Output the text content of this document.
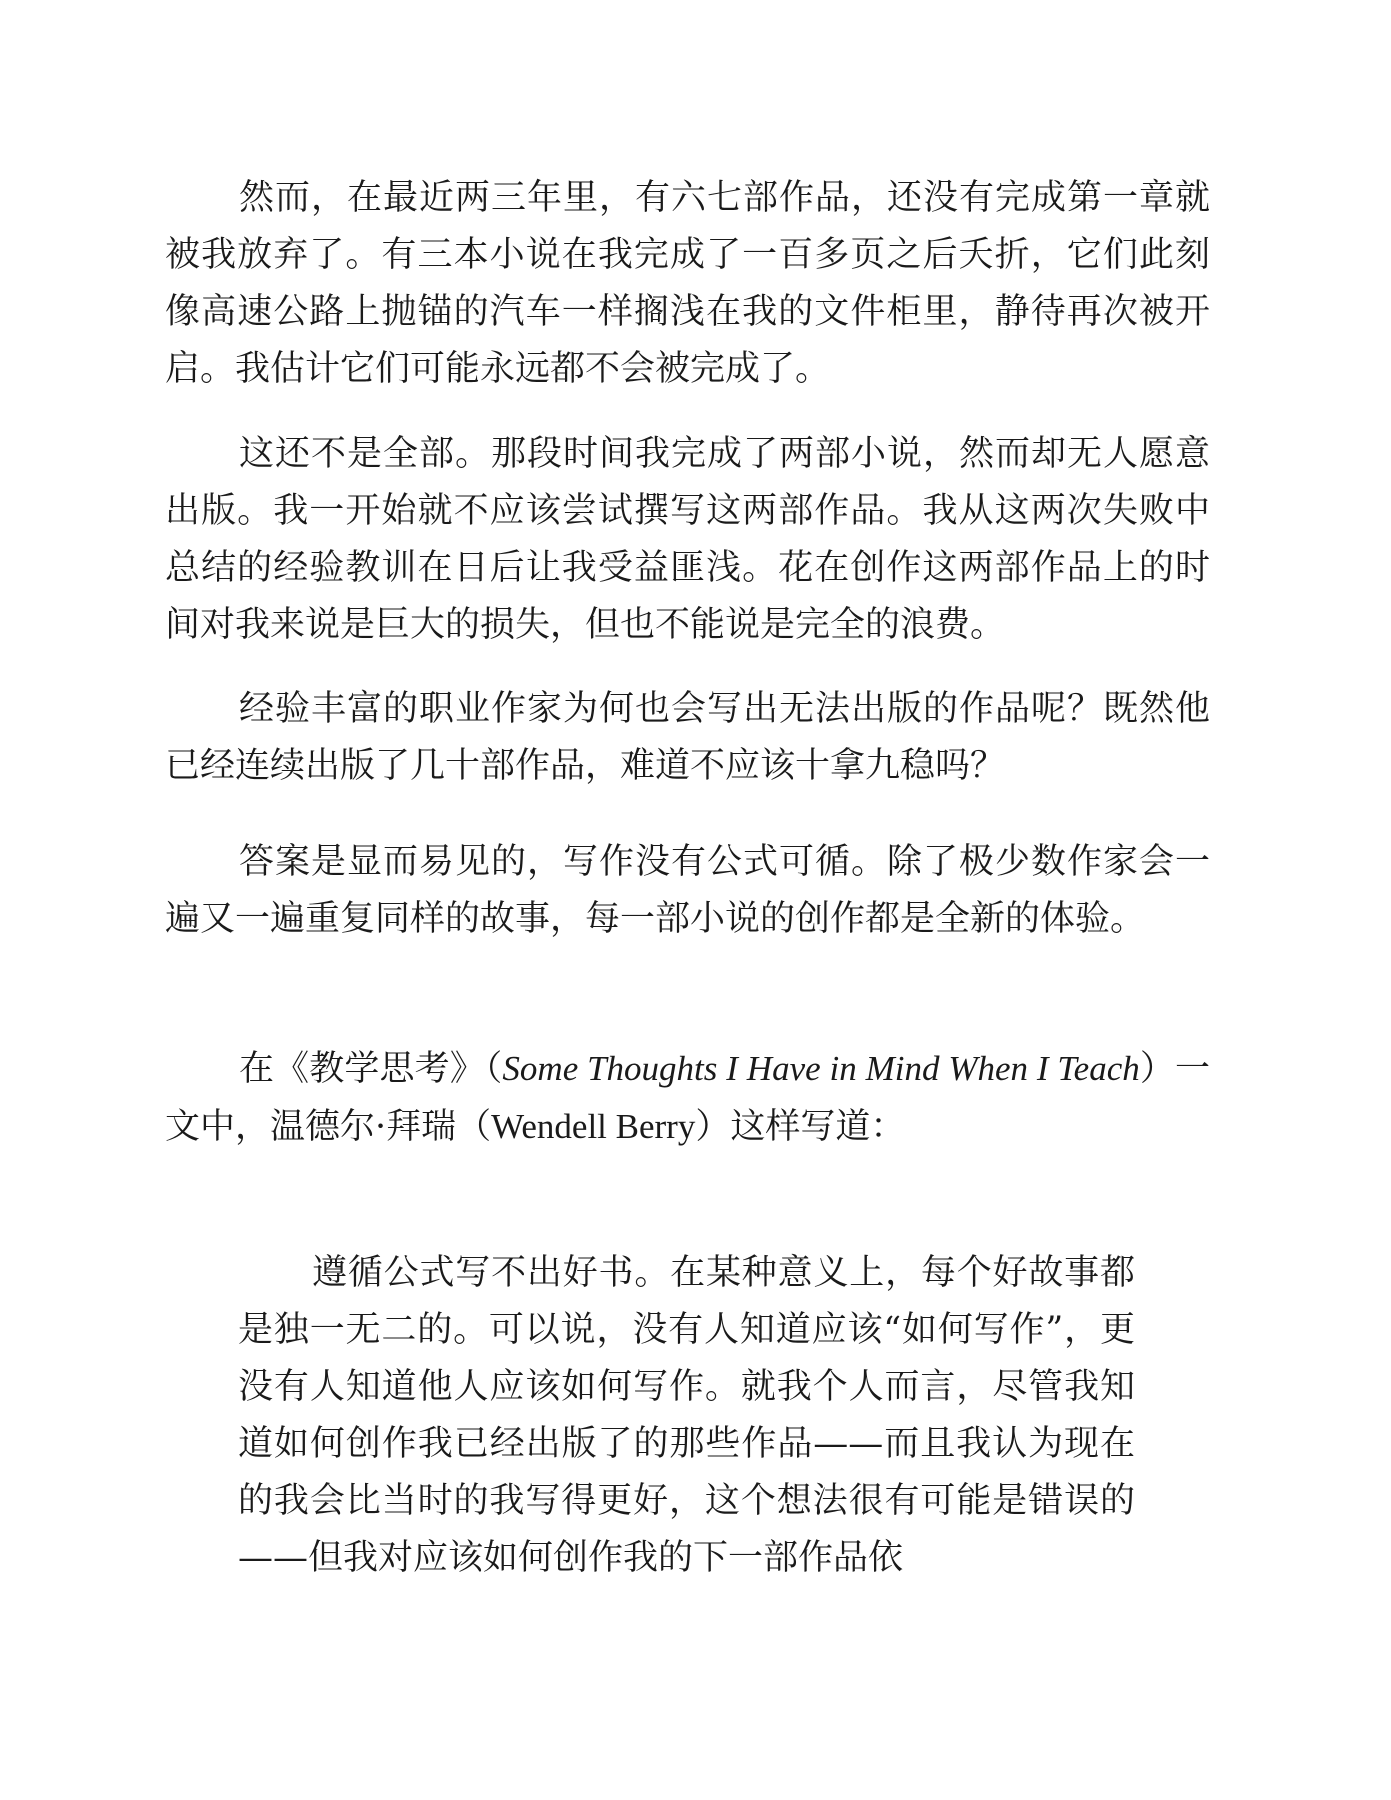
然而，在最近两三年里，有六七部作品，还没有完成第一章就被我放弃了。有三本小说在我完成了一百多页之后夭折，它们此刻像高速公路上抛锚的汽车一样搁浅在我的文件柜里，静待再次被开启。我估计它们可能永远都不会被完成了。

这还不是全部。那段时间我完成了两部小说，然而却无人愿意出版。我一开始就不应该尝试撰写这两部作品。我从这两次失败中总结的经验教训在日后让我受益匪浅。花在创作这两部作品上的时间对我来说是巨大的损失，但也不能说是完全的浪费。

经验丰富的职业作家为何也会写出无法出版的作品呢？既然他已经连续出版了几十部作品，难道不应该十拿九稳吗？

答案是显而易见的，写作没有公式可循。除了极少数作家会一遍又一遍重复同样的故事，每一部小说的创作都是全新的体验。

在《教学思考》（Some Thoughts I Have in Mind When I Teach）一文中，温德尔·拜瑞（Wendell Berry）这样写道：

遵循公式写不出好书。在某种意义上，每个好故事都是独一无二的。可以说，没有人知道应该“如何写作”，更没有人知道他人应该如何写作。就我个人而言，尽管我知道如何创作我已经出版了的那些作品——而且我认为现在的我会比当时的我写得更好，这个想法很有可能是错误的——但我对应该如何创作我的下一部作品依
